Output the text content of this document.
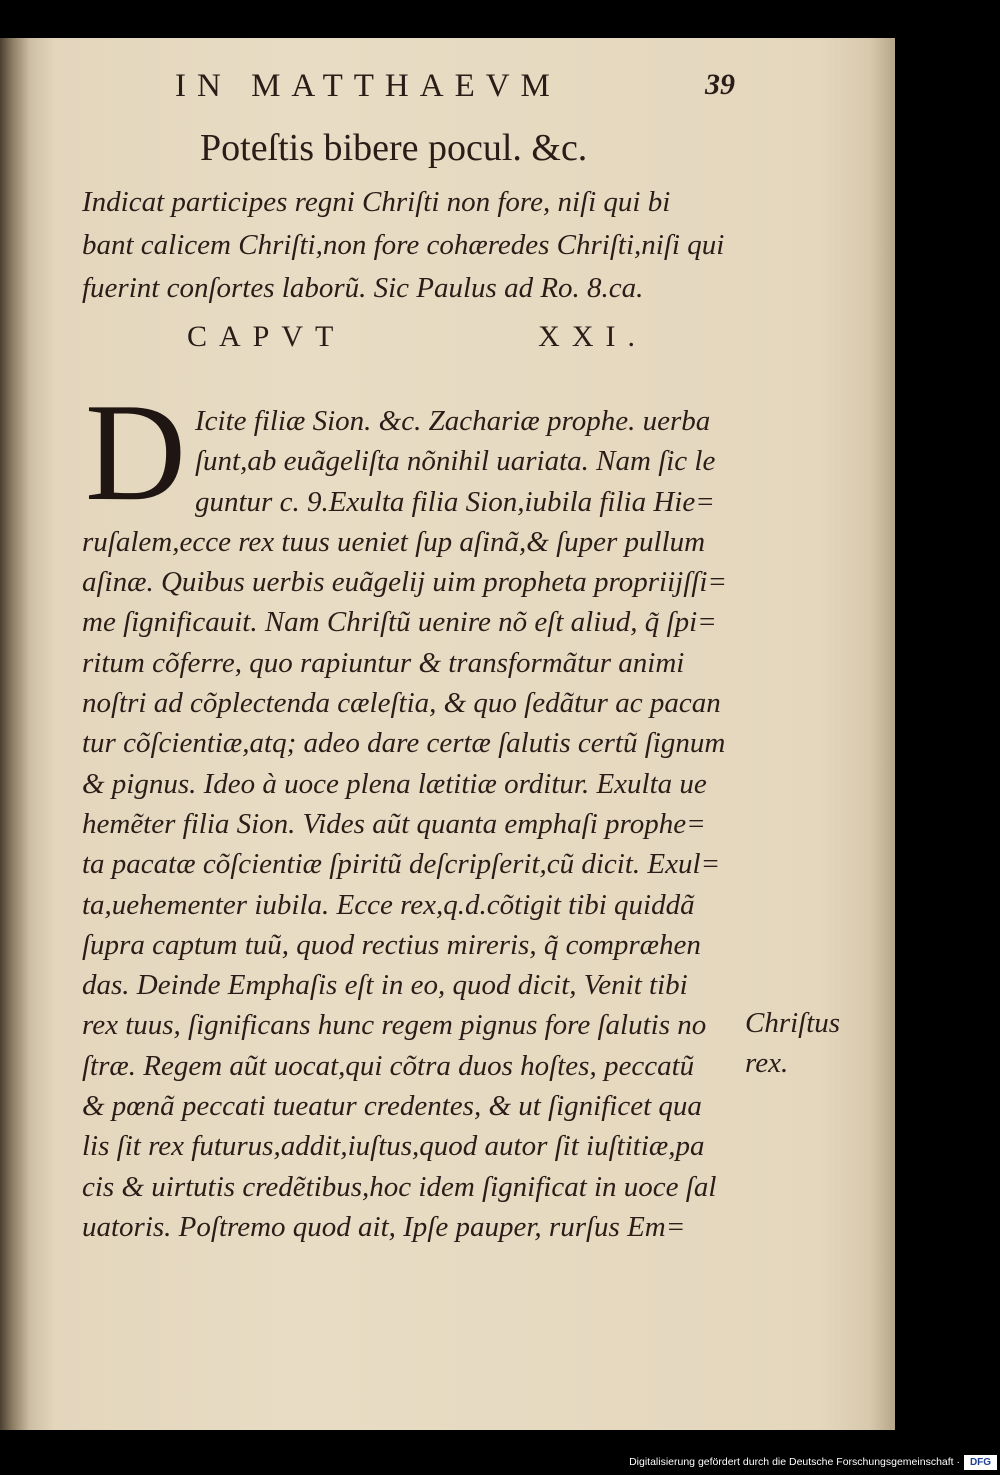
IN MATTHAEVM	39
Poteſtis bibere pocul. &c.
Indicat participes regni Chriſti non fore, niſi qui bi
bant calicem Chriſti,non fore cohæredes Chriſti,niſi qui
fuerint conſortes laborũ. Sic Paulus ad Ro. 8.ca.
CAPVT	XXI.
D Icite filiæ Sion. &c. Zachariæ prophe. uerba
ſunt,ab euãgeliſta nõnihil uariata. Nam ſic le
guntur c. 9.Exulta filia Sion,iubila filia Hie=
ruſalem,ecce rex tuus ueniet ſup aſinã,& ſuper pullum
aſinæ. Quibus uerbis euãgelij uim propheta propriijſſi=
me ſignificauit. Nam Chriſtũ uenire nõ eſt aliud, q̃ ſpi=
ritum cõferre, quo rapiuntur & transformãtur animi
noſtri ad cõplectenda cæleſtia, & quo ſedãtur ac pacan
tur cõſcientiæ,atq; adeo dare certæ ſalutis certũ ſignum
& pignus. Ideo à uoce plena lætitiæ orditur. Exulta ue
hemẽter filia Sion. Vides aũt quanta emphaſi prophe=
ta pacatæ cõſcientiæ ſpiritũ deſcripſerit,cũ dicit. Exul=
ta,uehementer iubila. Ecce rex,q.d.cõtigit tibi quiddã
ſupra captum tuũ, quod rectius mireris, q̃ compræhen
das. Deinde Emphaſis eſt in eo, quod dicit, Venit tibi
rex tuus, ſignificans hunc regem pignus fore ſalutis no
ſtræ. Regem aũt uocat,qui cõtra duos hoſtes, peccatũ
& pœnã peccati tueatur credentes, & ut ſignificet qua
lis ſit rex futurus,addit,iuſtus,quod autor ſit iuſtitiæ,pa
cis & uirtutis credẽtibus,hoc idem ſignificat in uoce ſal
uatoris. Poſtremo quod ait, Ipſe pauper, rurſus Em=
Chriſtus
rex.
Digitalisierung gefördert durch die Deutsche Forschungsgemeinschaft · DFG
